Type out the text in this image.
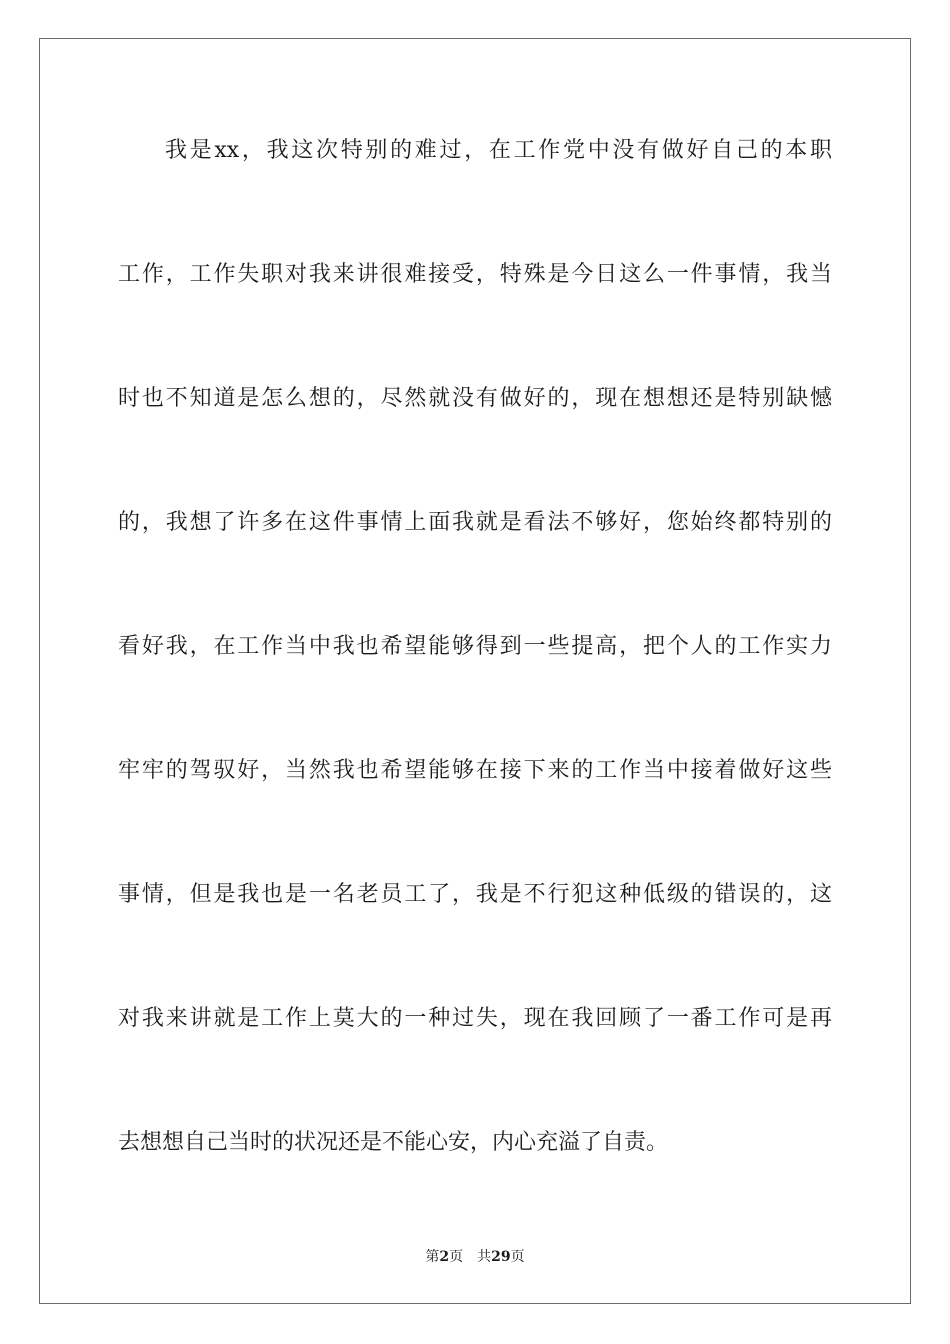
我是xx，我这次特别的难过，在工作党中没有做好自己的本职
工作，工作失职对我来讲很难接受，特殊是今日这么一件事情，我当
时也不知道是怎么想的，尽然就没有做好的，现在想想还是特别缺憾
的，我想了许多在这件事情上面我就是看法不够好，您始终都特别的
看好我，在工作当中我也希望能够得到一些提高，把个人的工作实力
牢牢的驾驭好，当然我也希望能够在接下来的工作当中接着做好这些
事情，但是我也是一名老员工了，我是不行犯这种低级的错误的，这
对我来讲就是工作上莫大的一种过失，现在我回顾了一番工作可是再
去想想自己当时的状况还是不能心安，内心充溢了自责。
第2页 共29页
